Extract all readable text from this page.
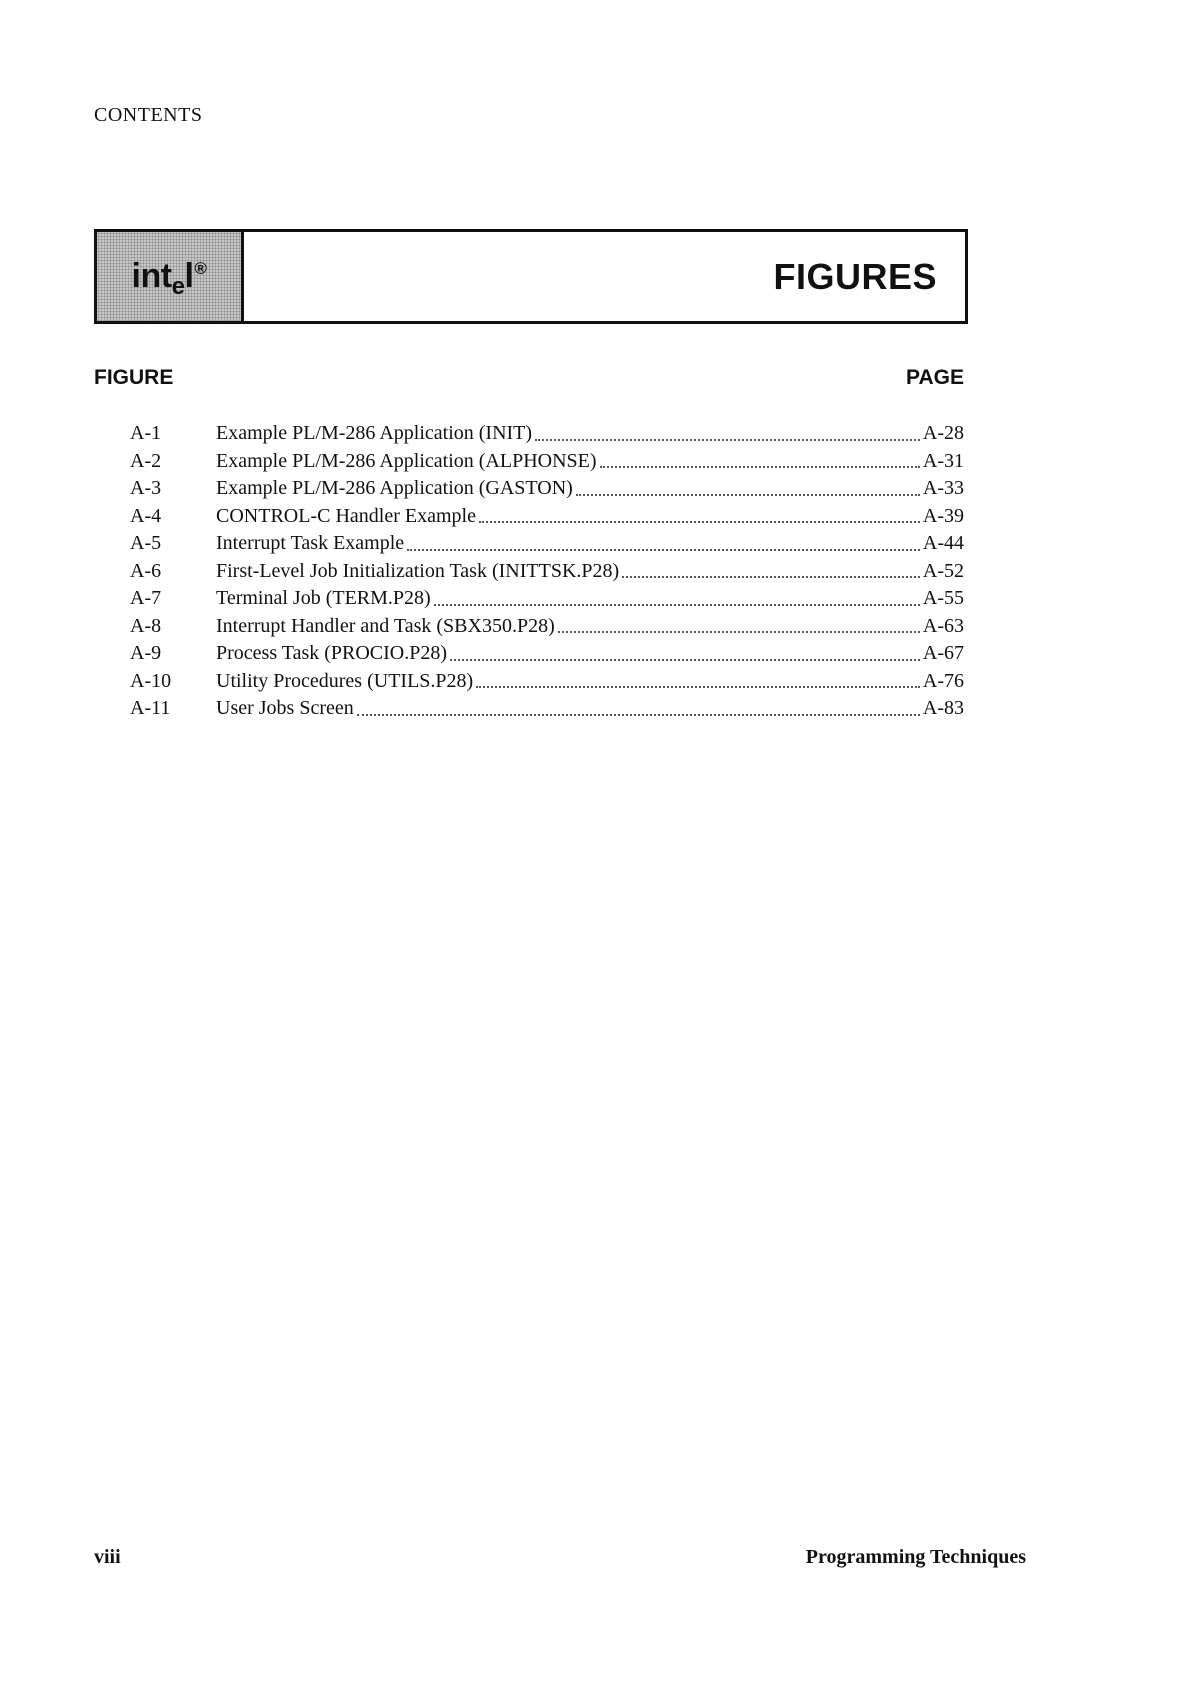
CONTENTS
int$_e$l®	FIGURES
FIGURE	PAGE
A-1	Example PL/M-286 Application (INIT)	A-28
A-2	Example PL/M-286 Application (ALPHONSE)	A-31
A-3	Example PL/M-286 Application (GASTON)	A-33
A-4	CONTROL-C Handler Example	A-39
A-5	Interrupt Task Example	A-44
A-6	First-Level Job Initialization Task (INITTSK.P28)	A-52
A-7	Terminal Job (TERM.P28)	A-55
A-8	Interrupt Handler and Task (SBX350.P28)	A-63
A-9	Process Task (PROCIO.P28)	A-67
A-10	Utility Procedures (UTILS.P28)	A-76
A-11	User Jobs Screen	A-83
viii	Programming Techniques
